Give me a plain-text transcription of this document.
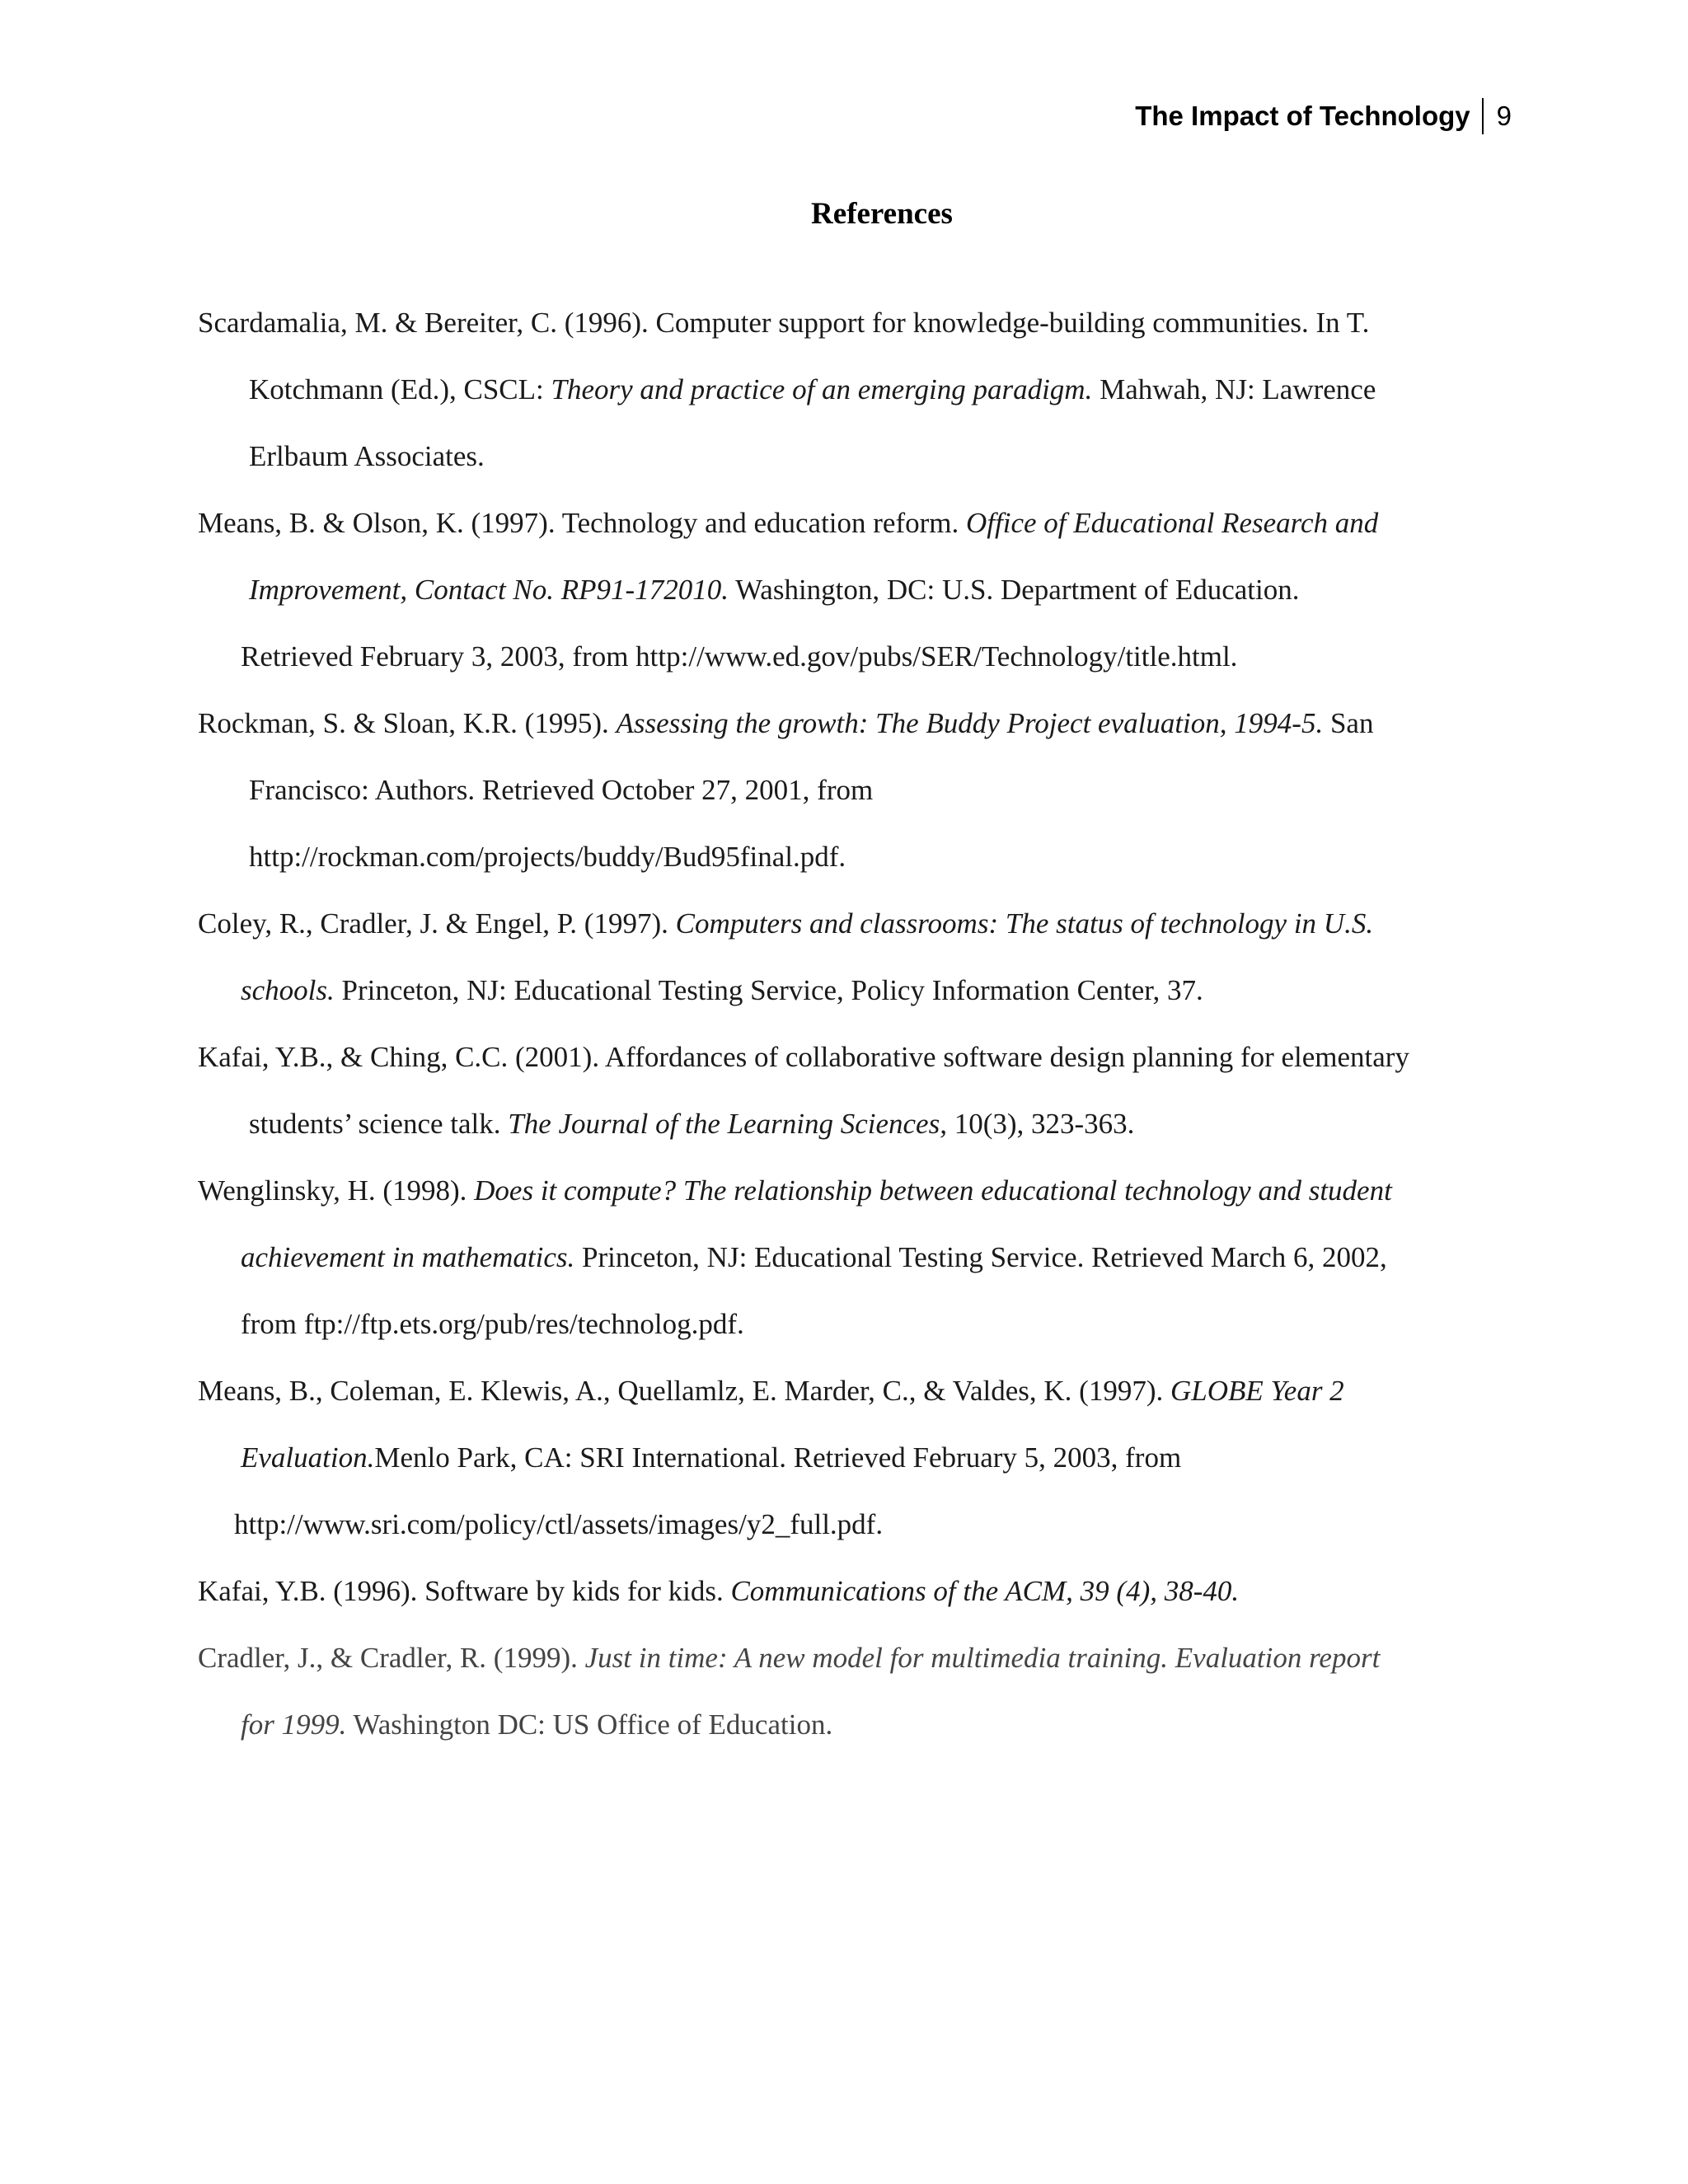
The Impact of Technology 9
References
Scardamalia, M. & Bereiter, C. (1996). Computer support for knowledge-building communities. In T.
Kotchmann (Ed.), CSCL: Theory and practice of an emerging paradigm. Mahwah, NJ: Lawrence
Erlbaum Associates.
Means, B. & Olson, K. (1997). Technology and education reform. Office of Educational Research and
Improvement, Contact No. RP91-172010. Washington, DC: U.S. Department of Education.
Retrieved February 3, 2003, from http://www.ed.gov/pubs/SER/Technology/title.html.
Rockman, S. & Sloan, K.R. (1995). Assessing the growth: The Buddy Project evaluation, 1994-5. San
Francisco: Authors. Retrieved October 27, 2001, from
http://rockman.com/projects/buddy/Bud95final.pdf.
Coley, R., Cradler, J. & Engel, P. (1997). Computers and classrooms: The status of technology in U.S.
schools. Princeton, NJ: Educational Testing Service, Policy Information Center, 37.
Kafai, Y.B., & Ching, C.C. (2001). Affordances of collaborative software design planning for elementary
students’ science talk. The Journal of the Learning Sciences, 10(3), 323-363.
Wenglinsky, H. (1998). Does it compute? The relationship between educational technology and student
achievement in mathematics. Princeton, NJ: Educational Testing Service. Retrieved March 6, 2002,
from ftp://ftp.ets.org/pub/res/technolog.pdf.
Means, B., Coleman, E. Klewis, A., Quellamlz, E. Marder, C., & Valdes, K. (1997). GLOBE Year 2
Evaluation.Menlo Park, CA: SRI International. Retrieved February 5, 2003, from
http://www.sri.com/policy/ctl/assets/images/y2_full.pdf.
Kafai, Y.B. (1996). Software by kids for kids. Communications of the ACM, 39 (4), 38-40.
Cradler, J., & Cradler, R. (1999). Just in time: A new model for multimedia training. Evaluation report
for 1999. Washington DC: US Office of Education.
